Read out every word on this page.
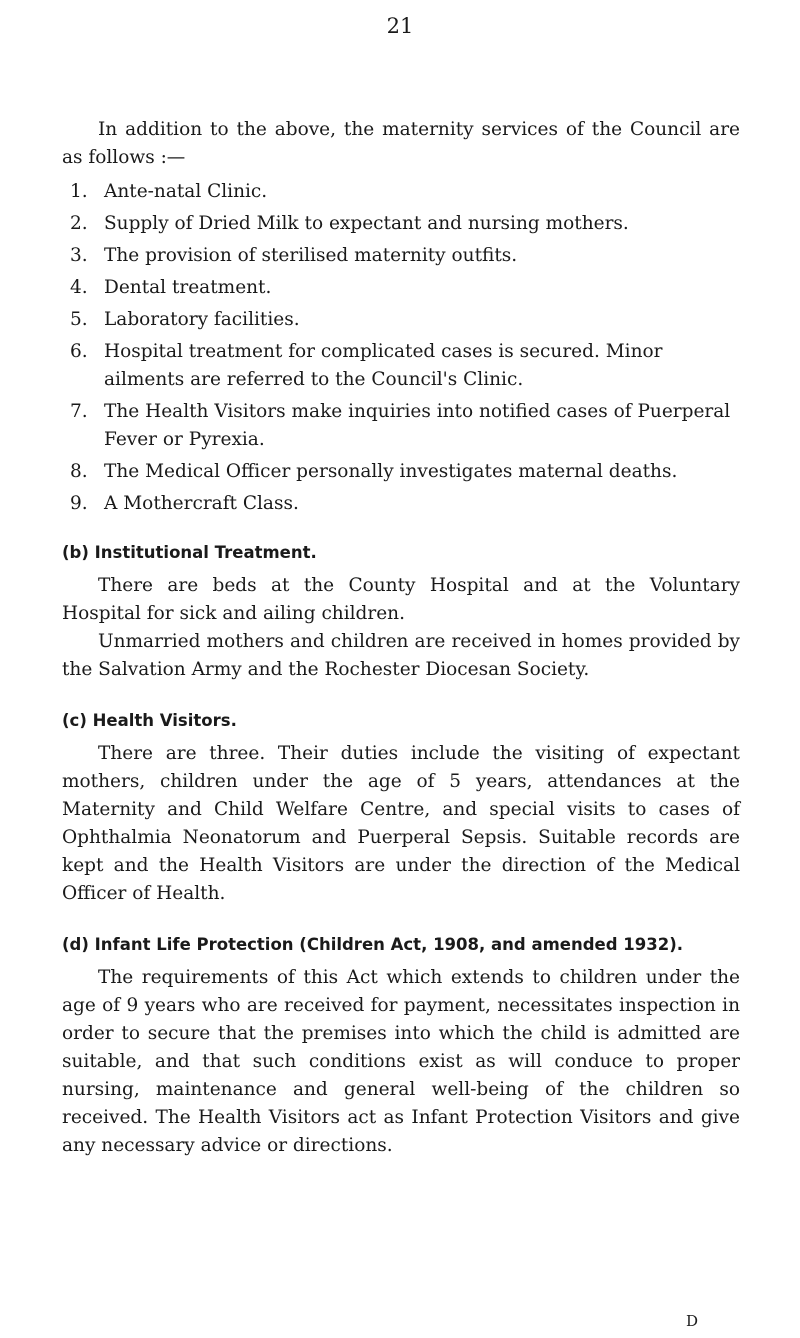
21

In addition to the above, the maternity services of the Council are as follows :—

1. Ante-natal Clinic.
2. Supply of Dried Milk to expectant and nursing mothers.
3. The provision of sterilised maternity outfits.
4. Dental treatment.
5. Laboratory facilities.
6. Hospital treatment for complicated cases is secured. Minor ailments are referred to the Council's Clinic.
7. The Health Visitors make inquiries into notified cases of Puerperal Fever or Pyrexia.
8. The Medical Officer personally investigates maternal deaths.
9. A Mothercraft Class.
(b) Institutional Treatment.

There are beds at the County Hospital and at the Voluntary Hospital for sick and ailing children.

Unmarried mothers and children are received in homes provided by the Salvation Army and the Rochester Diocesan Society.

(c) Health Visitors.

There are three. Their duties include the visiting of expectant mothers, children under the age of 5 years, attendances at the Maternity and Child Welfare Centre, and special visits to cases of Ophthalmia Neonatorum and Puerperal Sepsis. Suitable records are kept and the Health Visitors are under the direction of the Medical Officer of Health.

(d) Infant Life Protection (Children Act, 1908, and amended 1932).

The requirements of this Act which extends to children under the age of 9 years who are received for payment, necessitates inspection in order to secure that the premises into which the child is admitted are suitable, and that such conditions exist as will conduce to proper nursing, maintenance and general well-being of the children so received. The Health Visitors act as Infant Protection Visitors and give any necessary advice or directions.

D
